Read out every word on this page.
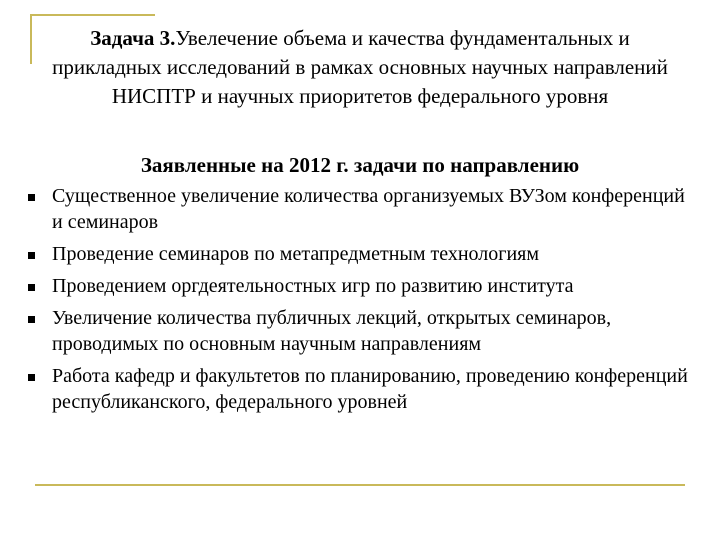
Задача 3.Увелечение объема и качества фундаментальных и прикладных исследований в рамках основных научных направлений НИСПТР и научных приоритетов федерального уровня
Заявленные на 2012 г. задачи по направлению
Существенное увеличение количества организуемых ВУЗом конференций и семинаров
Проведение семинаров по метапредметным технологиям
Проведением оргдеятельностных игр по развитию института
Увеличение количества публичных лекций, открытых семинаров, проводимых по основным научным направлениям
Работа кафедр и факультетов по планированию, проведению конференций республиканского, федерального уровней
